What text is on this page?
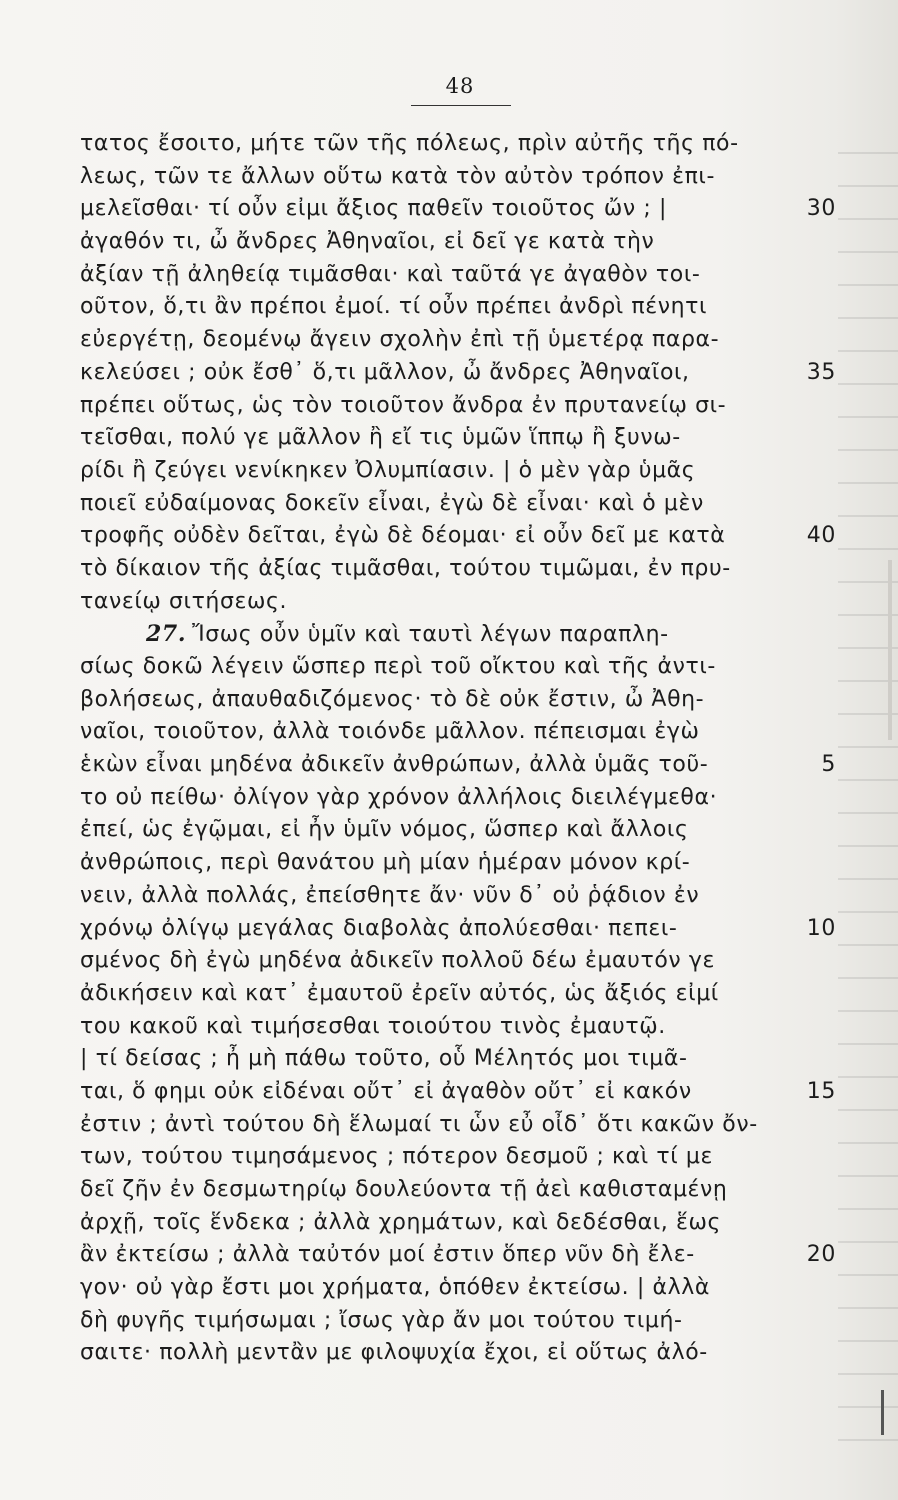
48
τατος ἔσοιτο, μήτε τῶν τῆς πόλεως, πρὶν αὐτῆς τῆς πό-
λεως, τῶν τε ἄλλων οὕτω κατὰ τὸν αὐτὸν τρόπον ἐπι-
μελεῖσθαι· τί οὖν εἰμι ἄξιος παθεῖν τοιοῦτος ὤν ; |	30
ἀγαθόν τι, ὦ ἄνδρες Ἀθηναῖοι, εἰ δεῖ γε κατὰ τὴν
ἀξίαν τῇ ἀληθείᾳ τιμᾶσθαι· καὶ ταῦτά γε ἀγαθὸν τοι-
οῦτον, ὅ,τι ἂν πρέποι ἐμοί. τί οὖν πρέπει ἀνδρὶ πένητι
εὐεργέτῃ, δεομένῳ ἄγειν σχολὴν ἐπὶ τῇ ὑμετέρᾳ παρα-
κελεύσει ; οὐκ ἔσθ᾽ ὅ,τι μᾶλλον, ὦ ἄνδρες Ἀθηναῖοι,	35
πρέπει οὕτως, ὡς τὸν τοιοῦτον ἄνδρα ἐν πρυτανείῳ σι-
τεῖσθαι, πολύ γε μᾶλλον ἢ εἴ τις ὑμῶν ἵππῳ ἢ ξυνω-
ρίδι ἢ ζεύγει νενίκηκεν Ὀλυμπίασιν. | ὁ μὲν γὰρ ὑμᾶς
ποιεῖ εὐδαίμονας δοκεῖν εἶναι, ἐγὼ δὲ εἶναι· καὶ ὁ μὲν
τροφῆς οὐδὲν δεῖται, ἐγὼ δὲ δέομαι· εἰ οὖν δεῖ με κατὰ	40
τὸ δίκαιον τῆς ἀξίας τιμᾶσθαι, τούτου τιμῶμαι, ἐν πρυ-
τανείῳ σιτήσεως.
27. Ἴσως οὖν ὑμῖν καὶ ταυτὶ λέγων παραπλη-
σίως δοκῶ λέγειν ὥσπερ περὶ τοῦ οἴκτου καὶ τῆς ἀντι-
βολήσεως, ἀπαυθαδιζόμενος· τὸ δὲ οὐκ ἔστιν, ὦ Ἀθη-
ναῖοι, τοιοῦτον, ἀλλὰ τοιόνδε μᾶλλον. πέπεισμαι ἐγὼ
ἑκὼν εἶναι μηδένα ἀδικεῖν ἀνθρώπων, ἀλλὰ ὑμᾶς τοῦ-	5
το οὐ πείθω· ὀλίγον γὰρ χρόνον ἀλλήλοις διειλέγμεθα·
ἐπεί, ὡς ἐγῷμαι, εἰ ἦν ὑμῖν νόμος, ὥσπερ καὶ ἄλλοις
ἀνθρώποις, περὶ θανάτου μὴ μίαν ἡμέραν μόνον κρί-
νειν, ἀλλὰ πολλάς, ἐπείσθητε ἄν· νῦν δ᾽ οὐ ῥᾴδιον ἐν
χρόνῳ ὀλίγῳ μεγάλας διαβολὰς ἀπολύεσθαι· πεπει-	10
σμένος δὴ ἐγὼ μηδένα ἀδικεῖν πολλοῦ δέω ἐμαυτόν γε
ἀδικήσειν καὶ κατ᾽ ἐμαυτοῦ ἐρεῖν αὐτός, ὡς ἄξιός εἰμί
του κακοῦ καὶ τιμήσεσθαι τοιούτου τινὸς ἐμαυτῷ.
| τί δείσας ; ἦ μὴ πάθω τοῦτο, οὗ Μέλητός μοι τιμᾶ-
ται, ὅ φημι οὐκ εἰδέναι οὔτ᾽ εἰ ἀγαθὸν οὔτ᾽ εἰ κακόν	15
ἐστιν ; ἀντὶ τούτου δὴ ἕλωμαί τι ὧν εὖ οἶδ᾽ ὅτι κακῶν ὄν-
των, τούτου τιμησάμενος ; πότερον δεσμοῦ ; καὶ τί με
δεῖ ζῆν ἐν δεσμωτηρίῳ δουλεύοντα τῇ ἀεὶ καθισταμένῃ
ἀρχῇ, τοῖς ἕνδεκα ; ἀλλὰ χρημάτων, καὶ δεδέσθαι, ἕως
ἂν ἐκτείσω ; ἀλλὰ ταὐτόν μοί ἐστιν ὅπερ νῦν δὴ ἔλε-	20
γον· οὐ γὰρ ἔστι μοι χρήματα, ὁπόθεν ἐκτείσω. | ἀλλὰ
δὴ φυγῆς τιμήσωμαι ; ἴσως γὰρ ἄν μοι τούτου τιμή-
σαιτε· πολλὴ μεντἂν με φιλοψυχία ἔχοι, εἰ οὕτως ἀλό-
